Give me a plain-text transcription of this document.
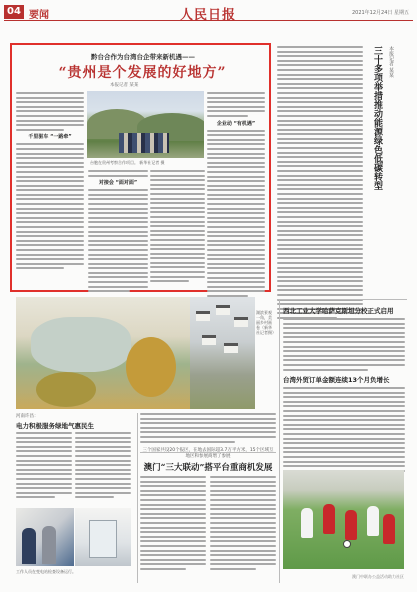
04 要闻	人民日报	2021年12月24日 星期五
黔台合作为台湾台企带来新机遇——
“贵州是个发展的好地方”
本报记者 某某
千里驱车 “一路牵”
台胞在贵州考察合作项目。 新华社记者 摄
对接会 “面对面”
企业动 “有机遇”	三十多项举措推动能源绿色低碳转型	本报记者 某某
湖滨景观一角，美丽乡村画卷（新华社记者摄）
西北工业大学哈萨克斯坦分校正式启用
台湾外贸订单金额连续13个月负增长
河南许昌：
电力积极服务绿地气惠民生
工作人员在变电站检查设备运行。
三个国家共设20个报区，在地去国际超3.7万平方米，15个区域互地区和参展商增了参展
澳门“三大联动”搭平台重商机发展
澳门中联办公益活动助力社区
